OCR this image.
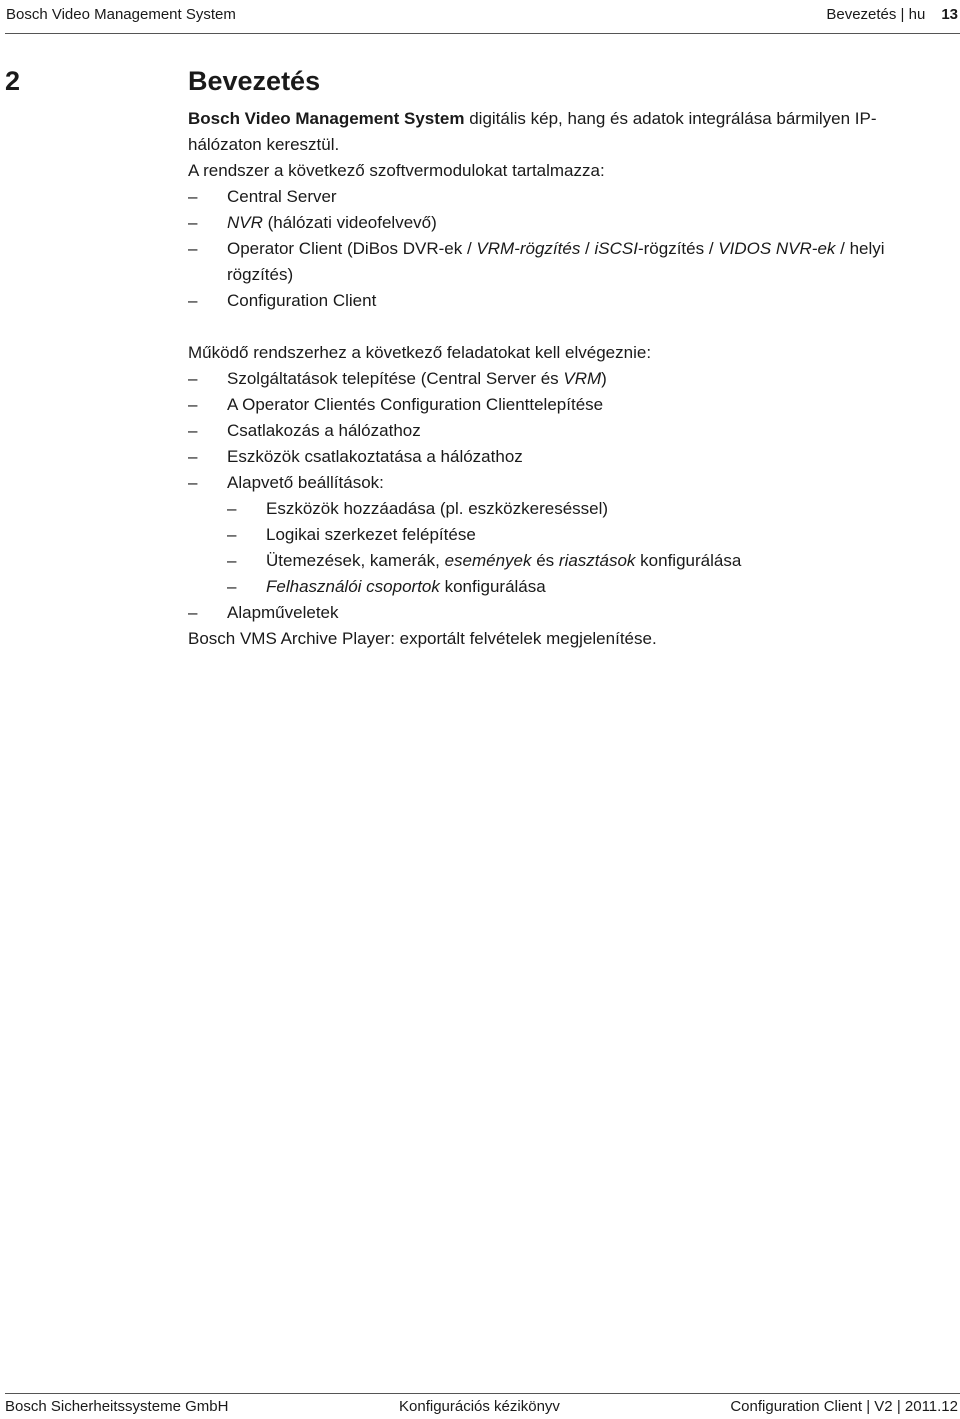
Bosch Video Management System	Bevezetés | hu 13
2	Bevezetés

Bosch Video Management System digitális kép, hang és adatok integrálása bármilyen IP-hálózaton keresztül.

A rendszer a következő szoftvermodulokat tartalmazza:

– Central Server
– NVR (hálózati videofelvevő)
– Operator Client (DiBos DVR-ek / VRM-rögzítés / iSCSI-rögzítés / VIDOS NVR-ek / helyi rögzítés)
– Configuration Client

Működő rendszerhez a következő feladatokat kell elvégeznie:

– Szolgáltatások telepítése (Central Server és VRM)
– A Operator Clientés Configuration Clienttelepítése
– Csatlakozás a hálózathoz
– Eszközök csatlakoztatása a hálózathoz
– Alapvető beállítások:
– Eszközök hozzáadása (pl. eszközkereséssel)
– Logikai szerkezet felépítése
– Ütemezések, kamerák, események és riasztások konfigurálása
– Felhasználói csoportok konfigurálása
– Alapműveletek

Bosch VMS Archive Player: exportált felvételek megjelenítése.

Bosch Sicherheitssysteme GmbH	Konfigurációs kézikönyv	Configuration Client | V2 | 2011.12
